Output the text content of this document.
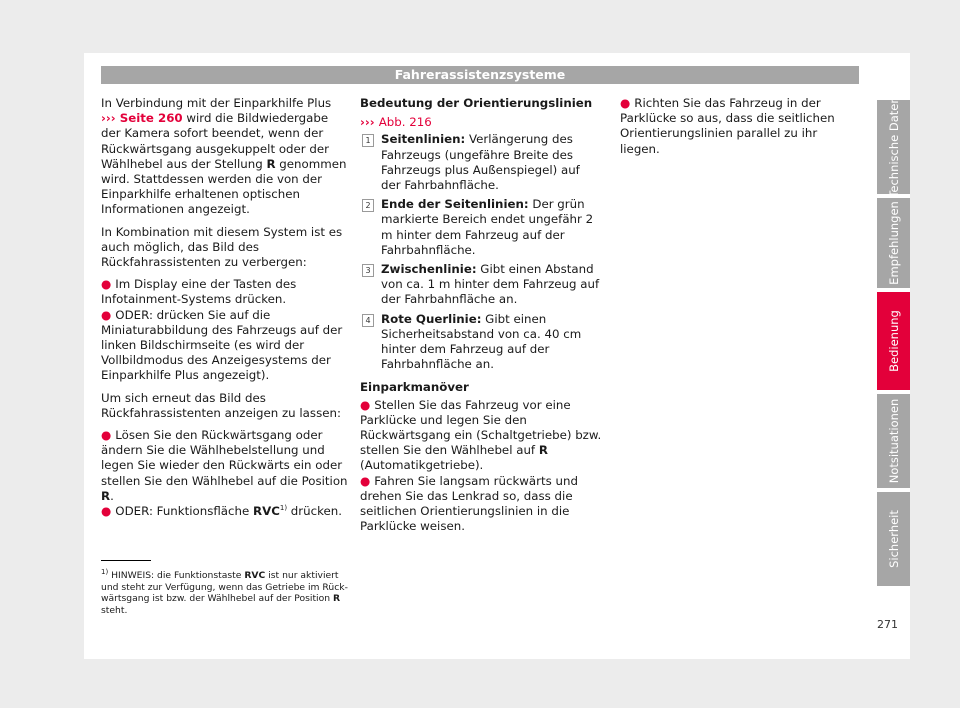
Fahrerassistenzsysteme

In Verbindung mit der Einparkhilfe Plus ››› Seite 260 wird die Bildwiedergabe der Kamera sofort beendet, wenn der Rückwärtsgang ausgekuppelt oder der Wählhebel aus der Stellung R genommen wird. Stattdessen werden die von der Einparkhilfe erhaltenen optischen Informationen angezeigt.

In Kombination mit diesem System ist es auch möglich, das Bild des Rückfahrassistenten zu verbergen:

● Im Display eine der Tasten des Infotainment-Systems drücken.

● ODER: drücken Sie auf die Miniaturabbildung des Fahrzeugs auf der linken Bildschirmseite (es wird der Vollbildmodus des Anzeigesystems der Einparkhilfe Plus angezeigt).

Um sich erneut das Bild des Rückfahrassistenten anzeigen zu lassen:

● Lösen Sie den Rückwärtsgang oder ändern Sie die Wählhebelstellung und legen Sie wieder den Rückwärts ein oder stellen Sie den Wählhebel auf die Position R.

● ODER: Funktionsfläche RVC$^{1)}$ drücken.

Bedeutung der Orientierungslinien

››› Abb. 216

1 Seitenlinien: Verlängerung des Fahrzeugs (ungefähre Breite des Fahrzeugs plus Außenspiegel) auf der Fahrbahnfläche.
2 Ende der Seitenlinien: Der grün markierte Bereich endet ungefähr 2 m hinter dem Fahrzeug auf der Fahrbahnfläche.
3 Zwischenlinie: Gibt einen Abstand von ca. 1 m hinter dem Fahrzeug auf der Fahrbahnfläche an.
4 Rote Querlinie: Gibt einen Sicherheitsabstand von ca. 40 cm hinter dem Fahrzeug auf der Fahrbahnfläche an.

Einparkmanöver

● Stellen Sie das Fahrzeug vor eine Parklücke und legen Sie den Rückwärtsgang ein (Schaltgetriebe) bzw. stellen Sie den Wählhebel auf R (Automatikgetriebe).

● Fahren Sie langsam rückwärts und drehen Sie das Lenkrad so, dass die seitlichen Orientierungslinien in die Parklücke weisen.

● Richten Sie das Fahrzeug in der Parklücke so aus, dass die seitlichen Orientierungslinien parallel zu ihr liegen.

$^{1)}$ HINWEIS: die Funktionstaste RVC ist nur aktiviert und steht zur Verfügung, wenn das Getriebe im Rückwärtsgang ist bzw. der Wählhebel auf der Position R steht.
Technische Daten
Empfehlungen
Bedienung
Notsituationen
Sicherheit
271
